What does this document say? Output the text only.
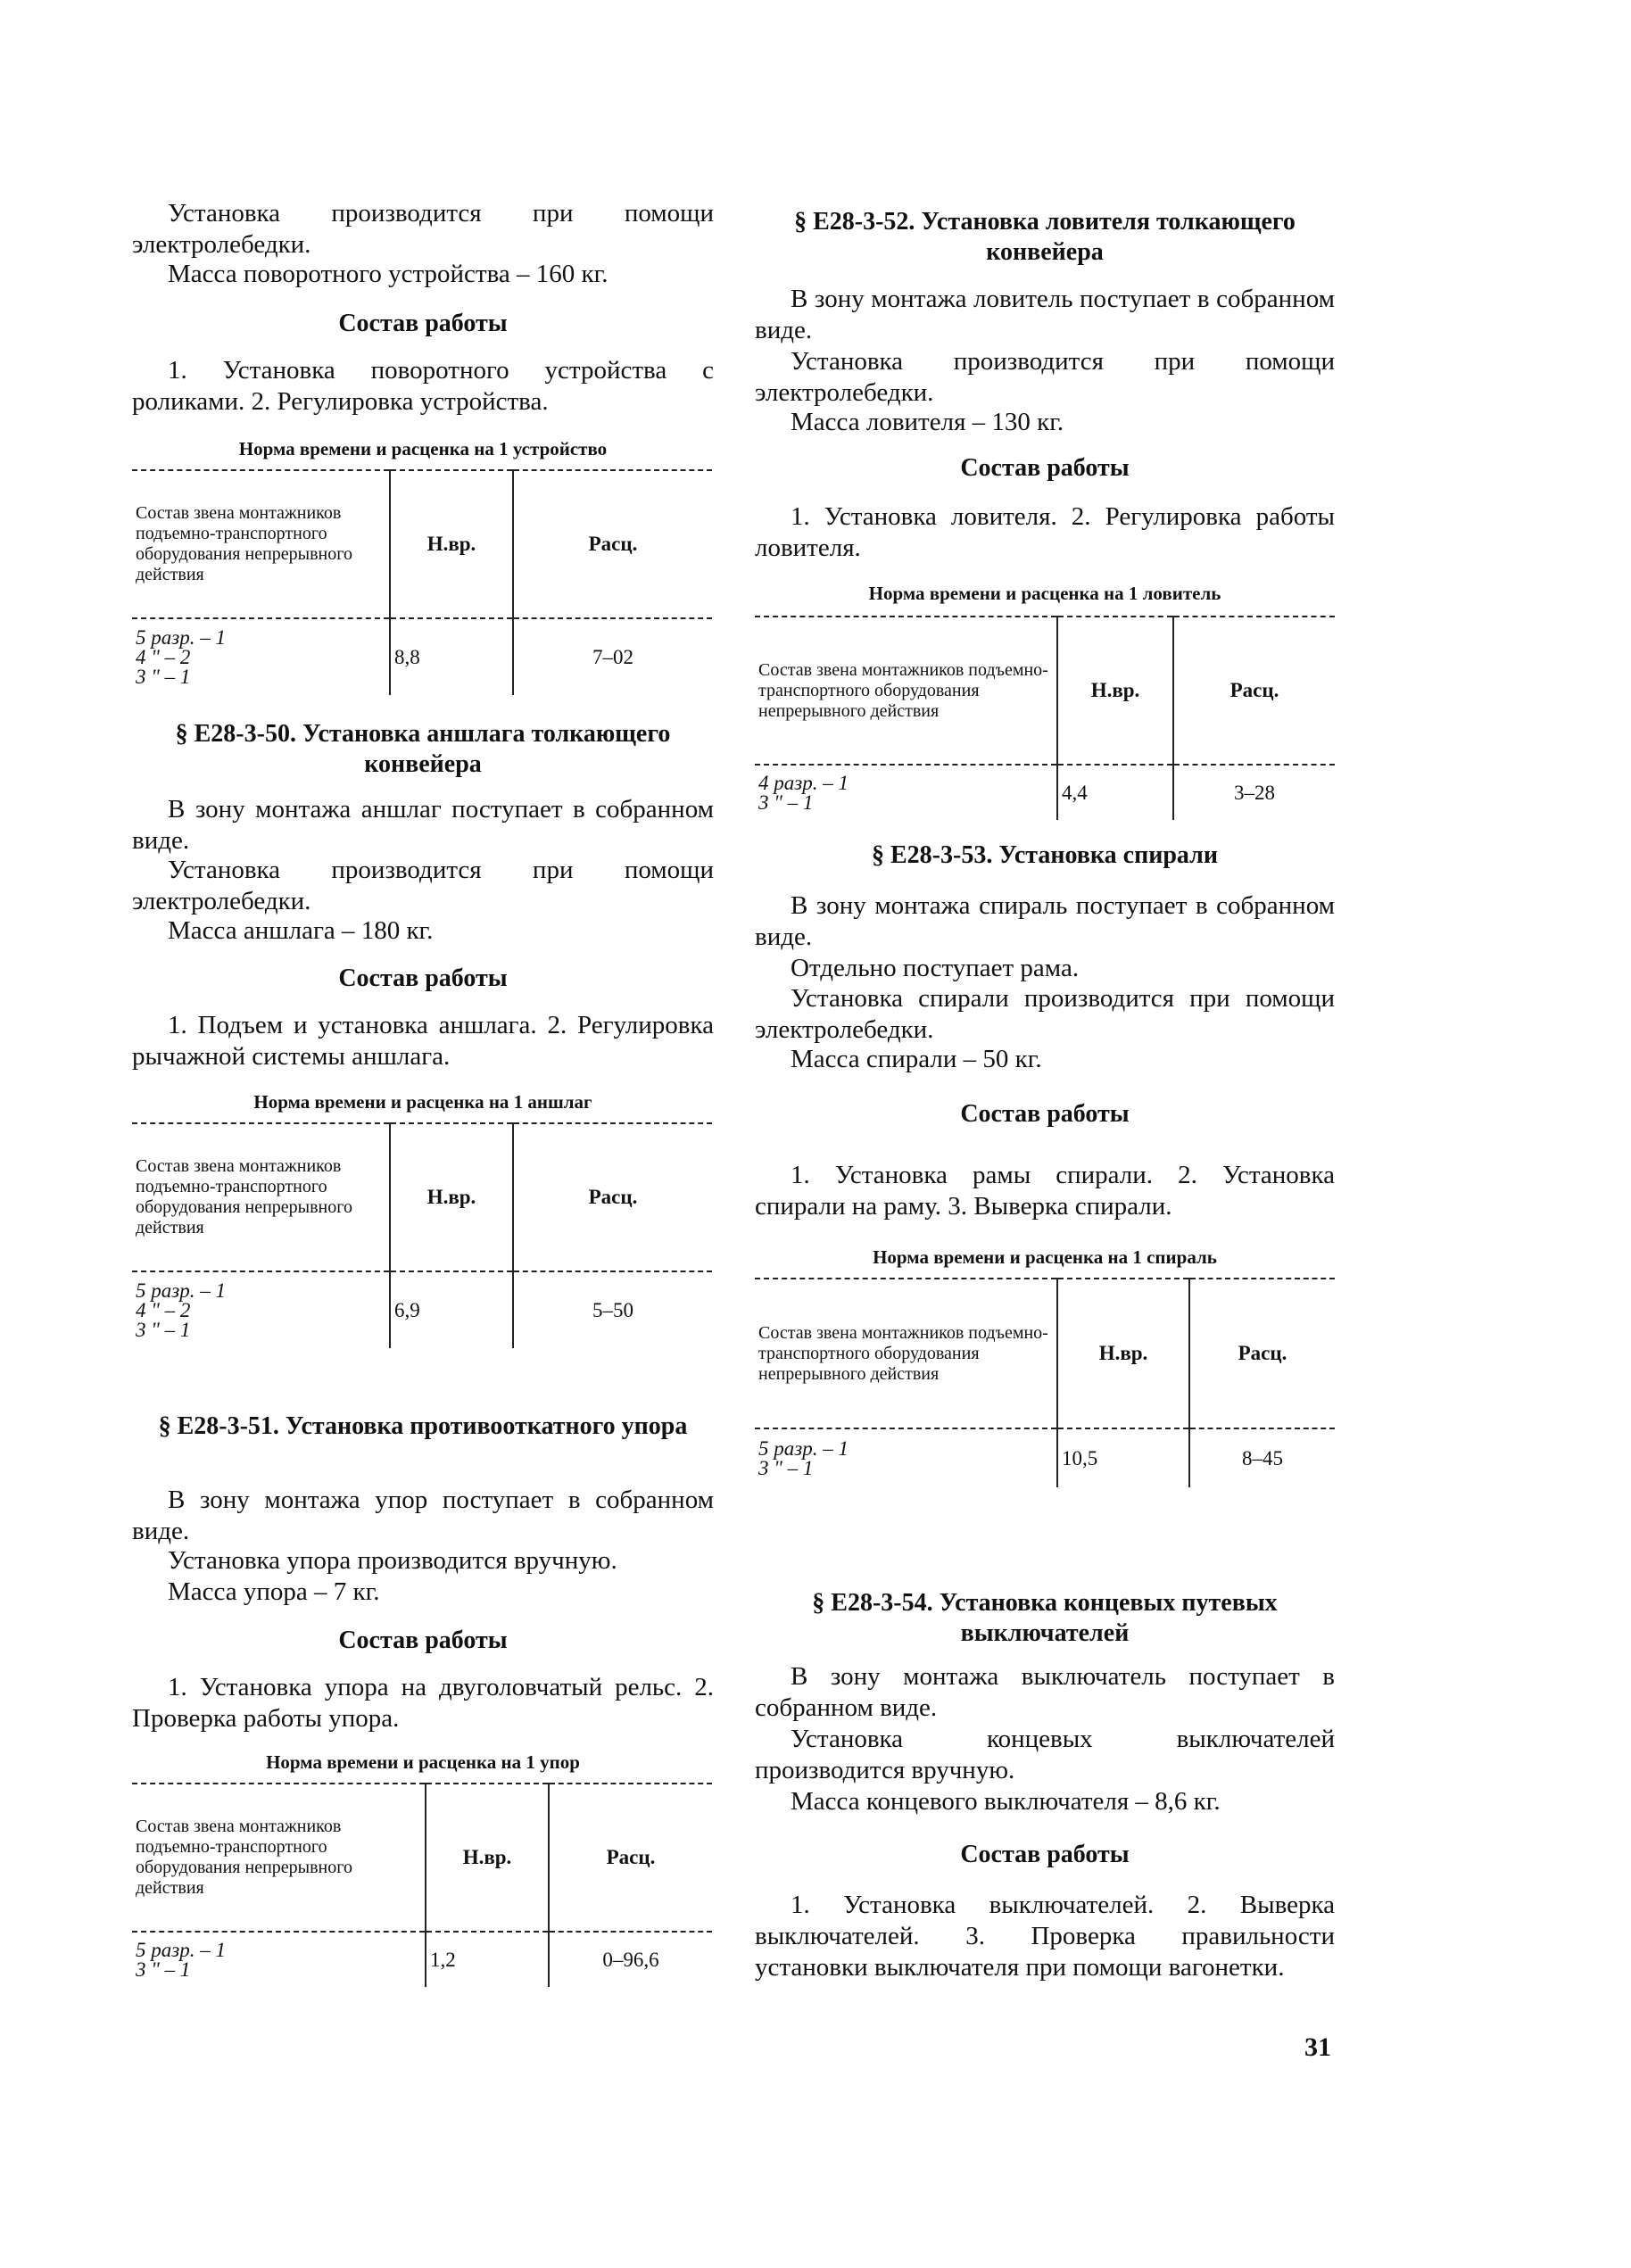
Установка производится при помощи электролебедки.

Масса поворотного устройства – 160 кг.

Состав работы

1. Установка поворотного устройства с роликами. 2. Регулировка устройства.

Норма времени и расценка на 1 устройство
Состав звена монтажников подъемно-транспортного оборудования непрерывного действия	Н.вр.	Расц.

5 разр. – 1
4 " – 2
3 " – 1	8,8	7–02
§ Е28-3-50. Установка аншлага толкающего конвейера

В зону монтажа аншлаг поступает в собранном виде.

Установка производится при помощи электролебедки.

Масса аншлага – 180 кг.

Состав работы

1. Подъем и установка аншлага. 2. Регулировка рычажной системы аншлага.

Норма времени и расценка на 1 аншлаг
Состав звена монтажников подъемно-транспортного оборудования непрерывного действия	Н.вр.	Расц.

5 разр. – 1
4 " – 2
3 " – 1	6,9	5–50
§ Е28-3-51. Установка противооткатного упора

В зону монтажа упор поступает в собранном виде.

Установка упора производится вручную.

Масса упора – 7 кг.

Состав работы

1. Установка упора на двуголовчатый рельс. 2. Проверка работы упора.

Норма времени и расценка на 1 упор
Состав звена монтажников подъемно-транспортного оборудования непрерывного действия	Н.вр.	Расц.

5 разр. – 1
3 " – 1	1,2	0–96,6
§ Е28-3-52. Установка ловителя толкающего конвейера

В зону монтажа ловитель поступает в собранном виде.

Установка производится при помощи электролебедки.

Масса ловителя – 130 кг.

Состав работы

1. Установка ловителя. 2. Регулировка работы ловителя.

Норма времени и расценка на 1 ловитель
Состав звена монтажников подъемно-транспортного оборудования непрерывного действия	Н.вр.	Расц.

4 разр. – 1
3 " – 1	4,4	3–28
§ Е28-3-53. Установка спирали

В зону монтажа спираль поступает в собранном виде.

Отдельно поступает рама.

Установка спирали производится при помощи электролебедки.

Масса спирали – 50 кг.

Состав работы

1. Установка рамы спирали. 2. Установка спирали на раму. 3. Выверка спирали.

Норма времени и расценка на 1 спираль
Состав звена монтажников подъемно-транспортного оборудования непрерывного действия	Н.вр.	Расц.

5 разр. – 1
3 " – 1	10,5	8–45
§ Е28-3-54. Установка концевых путевых выключателей

В зону монтажа выключатель поступает в собранном виде.

Установка концевых выключателей производится вручную.

Масса концевого выключателя – 8,6 кг.

Состав работы

1. Установка выключателей. 2. Выверка выключателей. 3. Проверка правильности установки выключателя при помощи вагонетки.

31
